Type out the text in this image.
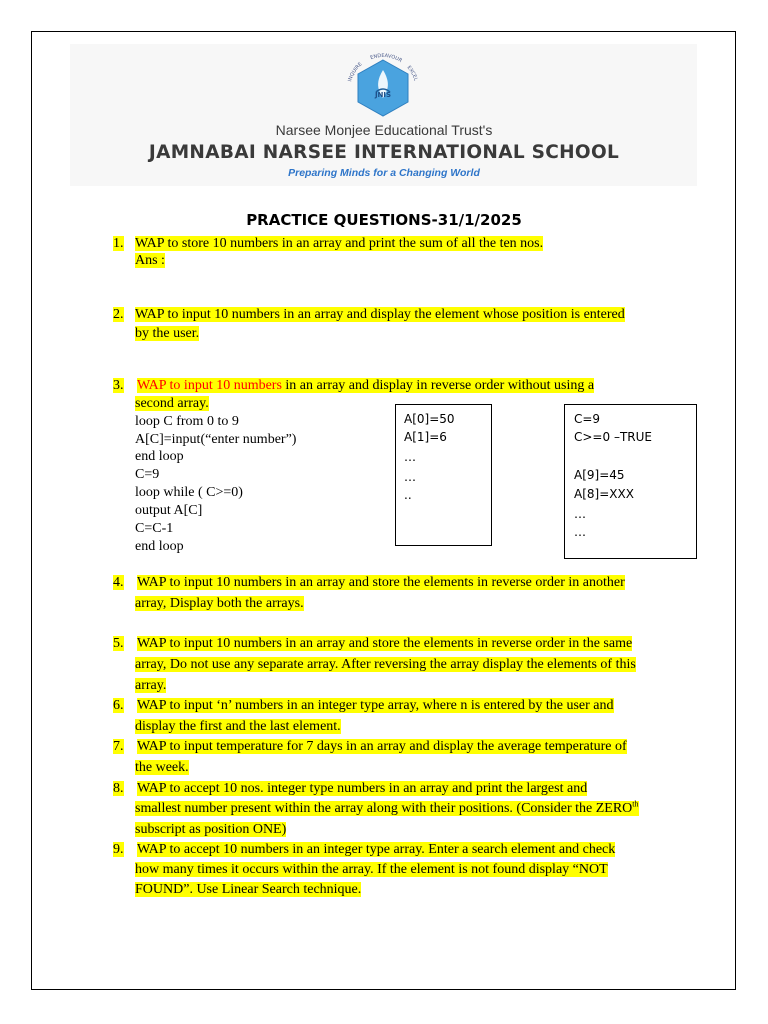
INQUIRE
ENDEAVOUR
EXCEL
JNIS
Narsee Monjee Educational Trust's
JAMNABAI NARSEE INTERNATIONAL SCHOOL
Preparing Minds for a Changing World
PRACTICE QUESTIONS-31/1/2025
1. WAP to store 10 numbers in an array and print the sum of all the ten nos.
Ans :
2. WAP to input 10 numbers in an array and display the element whose position is entered
by the user.
3. WAP to input 10 numbers in an array and display in reverse order without using a
second array.
loop C from 0 to 9
A[C]=input(“enter number”)
end loop
C=9
loop while ( C>=0)
output A[C]
C=C-1
end loop
A[0]=50
A[1]=6
…
…
..
C=9
C>=0 –TRUE
A[9]=45
A[8]=XXX
…
…
4. WAP to input 10 numbers in an array and store the elements in reverse order in another
array, Display both the arrays.
5. WAP to input 10 numbers in an array and store the elements in reverse order in the same
array, Do not use any separate array. After reversing the array display the elements of this
array.
6. WAP to input ‘n’ numbers in an integer type array, where n is entered by the user and
display the first and the last element.
7. WAP to input temperature for 7 days in an array and display the average temperature of
the week.
8. WAP to accept 10 nos. integer type numbers in an array and print the largest and
smallest number present within the array along with their positions. (Consider the $ZERO^{th}$
subscript as position ONE)
9. WAP to accept 10 numbers in an integer type array. Enter a search element and check
how many times it occurs within the array. If the element is not found display “NOT
FOUND”. Use Linear Search technique.
